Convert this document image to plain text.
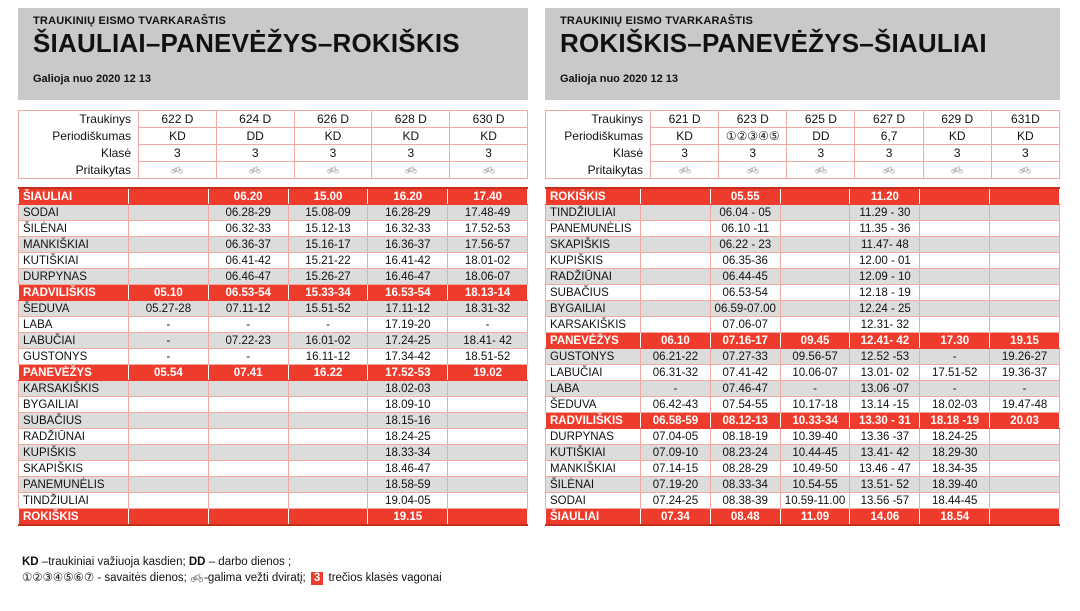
TRAUKINIŲ EISMO TVARKARAŠTIS
ŠIAULIAI–PANEVĖŽYS–ROKIŠKIS
Galioja nuo 2020 12 13
Traukinys	622 D	624 D	626 D	628 D	630 D
Periodiškumas	KD	DD	KD	KD	KD
Klasė	3	3	3	3	3
Pritaikytas					
ŠIAULIAI		06.20	15.00	16.20	17.40
SODAI		06.28-29	15.08-09	16.28-29	17.48-49
ŠILĖNAI		06.32-33	15.12-13	16.32-33	17.52-53
MANKIŠKIAI		06.36-37	15.16-17	16.36-37	17.56-57
KUTIŠKIAI		06.41-42	15.21-22	16.41-42	18.01-02
DURPYNAS		06.46-47	15.26-27	16.46-47	18.06-07
RADVILIŠKIS	05.10	06.53-54	15.33-34	16.53-54	18.13-14
ŠEDUVA	05.27-28	07.11-12	15.51-52	17.11-12	18.31-32
LABA	-	-	-	17.19-20	-
LABUČIAI	-	07.22-23	16.01-02	17.24-25	18.41- 42
GUSTONYS	-	-	16.11-12	17.34-42	18.51-52
PANEVĖŽYS	05.54	07.41	16.22	17.52-53	19.02
KARSAKIŠKIS				18.02-03	
BYGAILIAI				18.09-10	
SUBAČIUS				18.15-16	
RADŽIŪNAI				18.24-25	
KUPIŠKIS				18.33-34	
SKAPIŠKIS				18.46-47	
PANEMUNĖLIS				18.58-59	
TINDŽIULIAI				19.04-05	
ROKIŠKIS				19.15	
TRAUKINIŲ EISMO TVARKARAŠTIS
ROKIŠKIS–PANEVĖŽYS–ŠIAULIAI
Galioja nuo 2020 12 13
Traukinys	621 D	623 D	625 D	627 D	629 D	631D
Periodiškumas	KD	①②③④⑤	DD	6,7	KD	KD
Klasė	3	3	3	3	3	3
Pritaikytas						
ROKIŠKIS		05.55		11.20		
TINDŽIULIAI		06.04 - 05		11.29 - 30		
PANEMUNĖLIS		06.10 -11		11.35 - 36		
SKAPIŠKIS		06.22 - 23		11.47- 48		
KUPIŠKIS		06.35-36		12.00 - 01		
RADŽIŪNAI		06.44-45		12.09 - 10		
SUBAČIUS		06.53-54		12.18 - 19		
BYGAILIAI		06.59-07.00		12.24 - 25		
KARSAKIŠKIS		07.06-07		12.31- 32		
PANEVĖŽYS	06.10	07.16-17	09.45	12.41- 42	17.30	19.15
GUSTONYS	06.21-22	07.27-33	09.56-57	12.52 -53	-	19.26-27
LABUČIAI	06.31-32	07.41-42	10.06-07	13.01- 02	17.51-52	19.36-37
LABA	-	07.46-47	-	13.06 -07	-	-
ŠEDUVA	06.42-43	07.54-55	10.17-18	13.14 -15	18.02-03	19.47-48
RADVILIŠKIS	06.58-59	08.12-13	10.33-34	13.30 - 31	18.18 -19	20.03
DURPYNAS	07.04-05	08.18-19	10.39-40	13.36 -37	18.24-25	
KUTIŠKIAI	07.09-10	08.23-24	10.44-45	13.41- 42	18.29-30	
MANKIŠKIAI	07.14-15	08.28-29	10.49-50	13.46 - 47	18.34-35	
ŠILĖNAI	07.19-20	08.33-34	10.54-55	13.51- 52	18.39-40	
SODAI	07.24-25	08.38-39	10.59-11.00	13.56 -57	18.44-45	
ŠIAULIAI	07.34	08.48	11.09	14.06	18.54	
KD –traukiniai važiuoja kasdien; DD – darbo dienos ;
①②③④⑤⑥⑦ - savaitės dienos; -galima vežti dviratį; 3 trečios klasės vagonai
